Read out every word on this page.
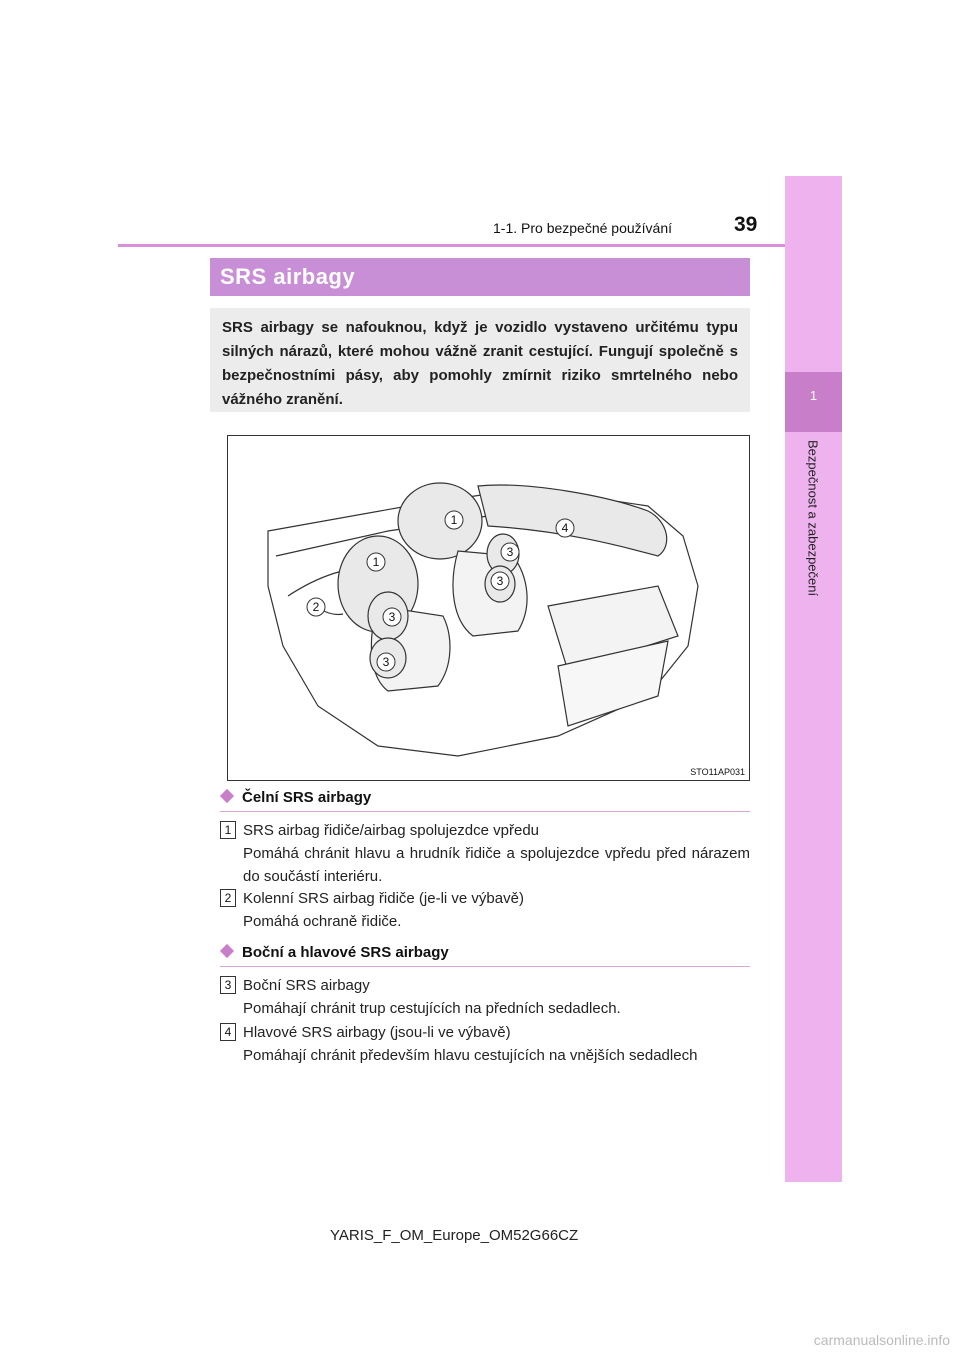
1
Bezpečnost a zabezpečení
1-1. Pro bezpečné používání	39
SRS airbagy
SRS airbagy se nafouknou, když je vozidlo vystaveno určitému typu silných nárazů, které mohou vážně zranit cestující. Fungují společně s bezpečnostními pásy, aby pomohly zmírnit riziko smrtelného nebo vážného zranění.
1
1
2
3
3
3
3
4
STO11AP031
Čelní SRS airbagy
1 SRS airbag řidiče/airbag spolujezdce vpředu
Pomáhá chránit hlavu a hrudník řidiče a spolujezdce vpředu před nárazem do součástí interiéru.
2 Kolenní SRS airbag řidiče (je-li ve výbavě)
Pomáhá ochraně řidiče.
Boční a hlavové SRS airbagy
3 Boční SRS airbagy
Pomáhají chránit trup cestujících na předních sedadlech.
4 Hlavové SRS airbagy (jsou-li ve výbavě)
Pomáhají chránit především hlavu cestujících na vnějších sedadlech
YARIS_F_OM_Europe_OM52G66CZ
carmanualsonline.info
